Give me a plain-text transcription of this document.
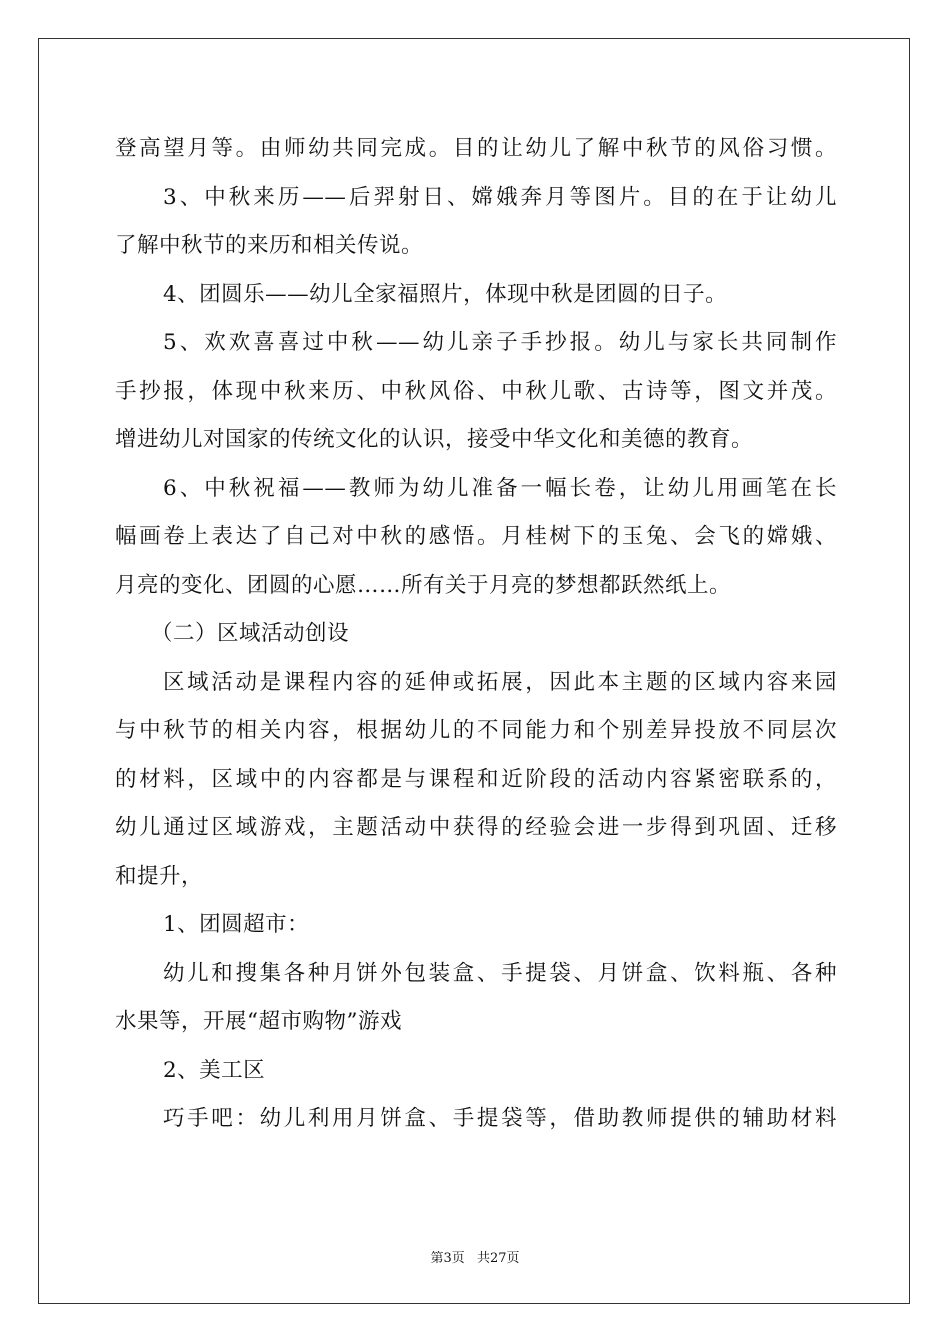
登高望月等。由师幼共同完成。目的让幼儿了解中秋节的风俗习惯。
3、中秋来历——后羿射日、嫦娥奔月等图片。目的在于让幼儿
了解中秋节的来历和相关传说。
4、团圆乐——幼儿全家福照片，体现中秋是团圆的日子。
5、欢欢喜喜过中秋——幼儿亲子手抄报。幼儿与家长共同制作
手抄报，体现中秋来历、中秋风俗、中秋儿歌、古诗等，图文并茂。
增进幼儿对国家的传统文化的认识，接受中华文化和美德的教育。
6、中秋祝福——教师为幼儿准备一幅长卷，让幼儿用画笔在长
幅画卷上表达了自己对中秋的感悟。月桂树下的玉兔、会飞的嫦娥、
月亮的变化、团圆的心愿……所有关于月亮的梦想都跃然纸上。
（二）区域活动创设
区域活动是课程内容的延伸或拓展，因此本主题的区域内容来园
与中秋节的相关内容，根据幼儿的不同能力和个别差异投放不同层次
的材料，区域中的内容都是与课程和近阶段的活动内容紧密联系的，
幼儿通过区域游戏，主题活动中获得的经验会进一步得到巩固、迁移
和提升，
1、团圆超市：
幼儿和搜集各种月饼外包装盒、手提袋、月饼盒、饮料瓶、各种
水果等，开展“超市购物”游戏
2、美工区
巧手吧：幼儿利用月饼盒、手提袋等，借助教师提供的辅助材料
第3页 共27页
